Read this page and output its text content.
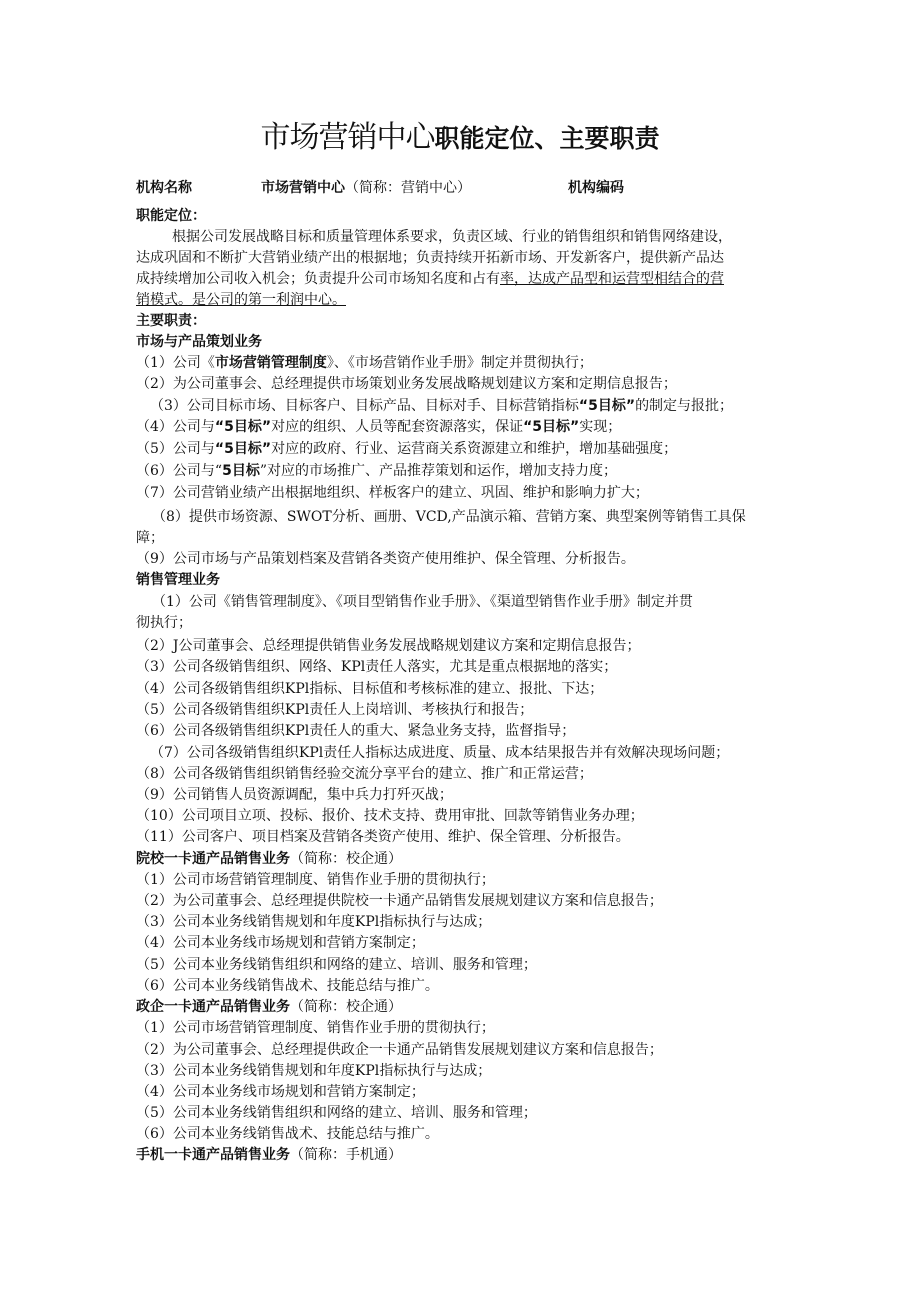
市场营销中心职能定位、主要职责
机构名称	市场营销中心（简称：营销中心）	机构编码
职能定位：
根据公司发展战略目标和质量管理体系要求，负责区域、行业的销售组织和销售网络建设，
达成巩固和不断扩大营销业绩产出的根据地；负责持续开拓新市场、开发新客户，提供新产品达
成持续增加公司收入机会；负责提升公司市场知名度和占有率，达成产品型和运营型相结合的营
销模式。是公司的第一利润中心。
主要职责：
市场与产品策划业务
（1）公司《市场营销管理制度》、《市场营销作业手册》制定并贯彻执行；
（2）为公司董事会、总经理提供市场策划业务发展战略规划建议方案和定期信息报告；
（3）公司目标市场、目标客户、目标产品、目标对手、目标营销指标“5目标”的制定与报批；
（4）公司与“5目标”对应的组织、人员等配套资源落实，保证“5目标”实现；
（5）公司与“5目标”对应的政府、行业、运营商关系资源建立和维护，增加基础强度；
（6）公司与“5目标”对应的市场推广、产品推荐策划和运作，增加支持力度；
（7）公司营销业绩产出根据地组织、样板客户的建立、巩固、维护和影响力扩大；
（8）提供市场资源、SWOT分析、画册、VCD,产品演示箱、营销方案、典型案例等销售工具保
障；
（9）公司市场与产品策划档案及营销各类资产使用维护、保全管理、分析报告。
销售管理业务
（1）公司《销售管理制度》、《项目型销售作业手册》、《渠道型销售作业手册》制定并贯
彻执行；
（2）J公司董事会、总经理提供销售业务发展战略规划建议方案和定期信息报告；
（3）公司各级销售组织、网络、KPl责任人落实，尤其是重点根据地的落实；
（4）公司各级销售组织KPl指标、目标值和考核标准的建立、报批、下达；
（5）公司各级销售组织KPl责任人上岗培训、考核执行和报告；
（6）公司各级销售组织KPl责任人的重大、紧急业务支持，监督指导；
（7）公司各级销售组织KPl责任人指标达成进度、质量、成本结果报告并有效解决现场问题；
（8）公司各级销售组织销售经验交流分享平台的建立、推广和正常运营；
（9）公司销售人员资源调配，集中兵力打歼灭战；
（10）公司项目立项、投标、报价、技术支持、费用审批、回款等销售业务办理；
（11）公司客户、项目档案及营销各类资产使用、维护、保全管理、分析报告。
院校一卡通产品销售业务（简称：校企通）
（1）公司市场营销管理制度、销售作业手册的贯彻执行；
（2）为公司董事会、总经理提供院校一卡通产品销售发展规划建议方案和信息报告；
（3）公司本业务线销售规划和年度KPl指标执行与达成；
（4）公司本业务线市场规划和营销方案制定；
（5）公司本业务线销售组织和网络的建立、培训、服务和管理；
（6）公司本业务线销售战术、技能总结与推广。
政企一卡通产品销售业务（简称：校企通）
（1）公司市场营销管理制度、销售作业手册的贯彻执行；
（2）为公司董事会、总经理提供政企一卡通产品销售发展规划建议方案和信息报告；
（3）公司本业务线销售规划和年度KPl指标执行与达成；
（4）公司本业务线市场规划和营销方案制定；
（5）公司本业务线销售组织和网络的建立、培训、服务和管理；
（6）公司本业务线销售战术、技能总结与推广。
手机一卡通产品销售业务（简称：手机通）
